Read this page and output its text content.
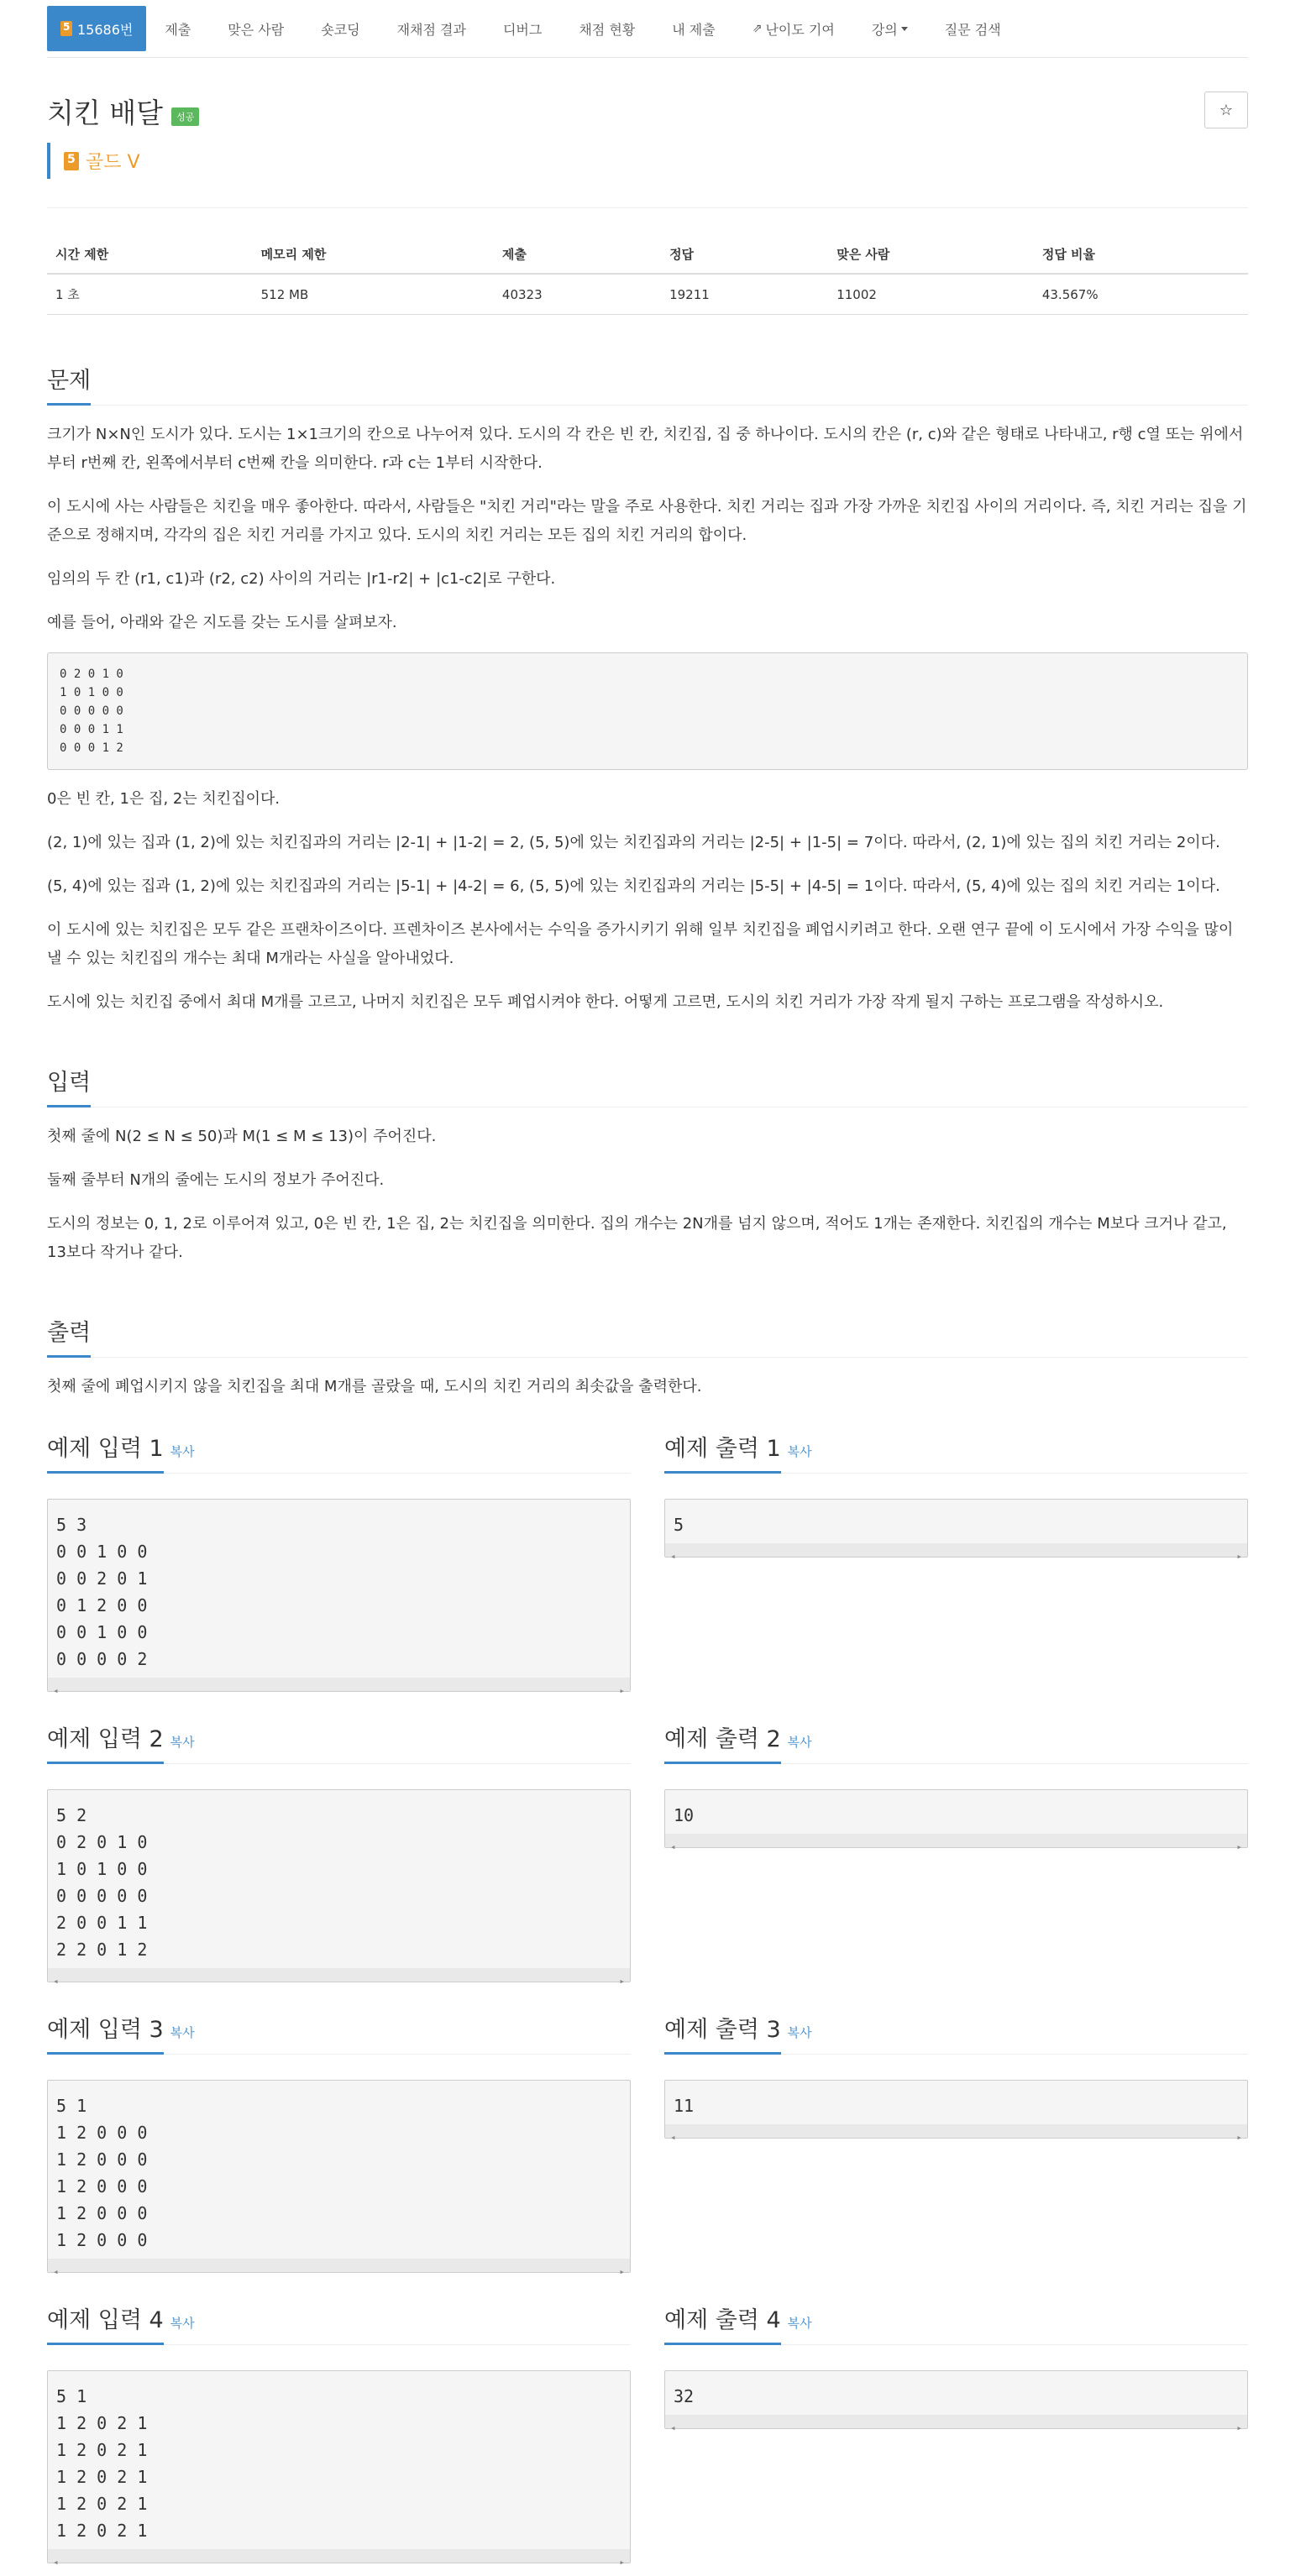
5
15686번	제출	맞은 사람	숏코딩	재채점 결과	디버그	채점 현황	내 제출	⇗ 난이도 기여	강의	질문 검색
치킨 배달	성공	☆
5
골드 V
시간 제한	메모리 제한	제출	정답	맞은 사람	정답 비율
1 초	512 MB	40323	19211	11002	43.567%
문제

크기가 N×N인 도시가 있다. 도시는 1×1크기의 칸으로 나누어져 있다. 도시의 각 칸은 빈 칸, 치킨집, 집 중 하나이다. 도시의 칸은 (r, c)와 같은 형태로 나타내고, r행 c열 또는 위에서부터 r번째 칸, 왼쪽에서부터 c번째 칸을 의미한다. r과 c는 1부터 시작한다.

이 도시에 사는 사람들은 치킨을 매우 좋아한다. 따라서, 사람들은 "치킨 거리"라는 말을 주로 사용한다. 치킨 거리는 집과 가장 가까운 치킨집 사이의 거리이다. 즉, 치킨 거리는 집을 기준으로 정해지며, 각각의 집은 치킨 거리를 가지고 있다. 도시의 치킨 거리는 모든 집의 치킨 거리의 합이다.

임의의 두 칸 (r1, c1)과 (r2, c2) 사이의 거리는 |r1-r2| + |c1-c2|로 구한다.

예를 들어, 아래와 같은 지도를 갖는 도시를 살펴보자.

0 2 0 1 0
1 0 1 0 0
0 0 0 0 0
0 0 0 1 1
0 0 0 1 2

0은 빈 칸, 1은 집, 2는 치킨집이다.

(2, 1)에 있는 집과 (1, 2)에 있는 치킨집과의 거리는 |2-1| + |1-2| = 2, (5, 5)에 있는 치킨집과의 거리는 |2-5| + |1-5| = 7이다. 따라서, (2, 1)에 있는 집의 치킨 거리는 2이다.

(5, 4)에 있는 집과 (1, 2)에 있는 치킨집과의 거리는 |5-1| + |4-2| = 6, (5, 5)에 있는 치킨집과의 거리는 |5-5| + |4-5| = 1이다. 따라서, (5, 4)에 있는 집의 치킨 거리는 1이다.

이 도시에 있는 치킨집은 모두 같은 프랜차이즈이다. 프렌차이즈 본사에서는 수익을 증가시키기 위해 일부 치킨집을 폐업시키려고 한다. 오랜 연구 끝에 이 도시에서 가장 수익을 많이 낼 수 있는 치킨집의 개수는 최대 M개라는 사실을 알아내었다.

도시에 있는 치킨집 중에서 최대 M개를 고르고, 나머지 치킨집은 모두 폐업시켜야 한다. 어떻게 고르면, 도시의 치킨 거리가 가장 작게 될지 구하는 프로그램을 작성하시오.

입력

첫째 줄에 N(2 ≤ N ≤ 50)과 M(1 ≤ M ≤ 13)이 주어진다.

둘째 줄부터 N개의 줄에는 도시의 정보가 주어진다.

도시의 정보는 0, 1, 2로 이루어져 있고, 0은 빈 칸, 1은 집, 2는 치킨집을 의미한다. 집의 개수는 2N개를 넘지 않으며, 적어도 1개는 존재한다. 치킨집의 개수는 M보다 크거나 같고, 13보다 작거나 같다.

출력

첫째 줄에 폐업시키지 않을 치킨집을 최대 M개를 골랐을 때, 도시의 치킨 거리의 최솟값을 출력한다.

예제 입력 1 복사
5 3
0 0 1 0 0
0 0 2 0 1
0 1 2 0 0
0 0 1 0 0
0 0 0 0 2
◂  ▸
예제 출력 1 복사
5
◂  ▸
예제 입력 2 복사
5 2
0 2 0 1 0
1 0 1 0 0
0 0 0 0 0
2 0 0 1 1
2 2 0 1 2
◂  ▸
예제 출력 2 복사
10
◂  ▸
예제 입력 3 복사
5 1
1 2 0 0 0
1 2 0 0 0
1 2 0 0 0
1 2 0 0 0
1 2 0 0 0
◂  ▸
예제 출력 3 복사
11
◂  ▸
예제 입력 4 복사
5 1
1 2 0 2 1
1 2 0 2 1
1 2 0 2 1
1 2 0 2 1
1 2 0 2 1
◂  ▸
예제 출력 4 복사
32
◂  ▸
